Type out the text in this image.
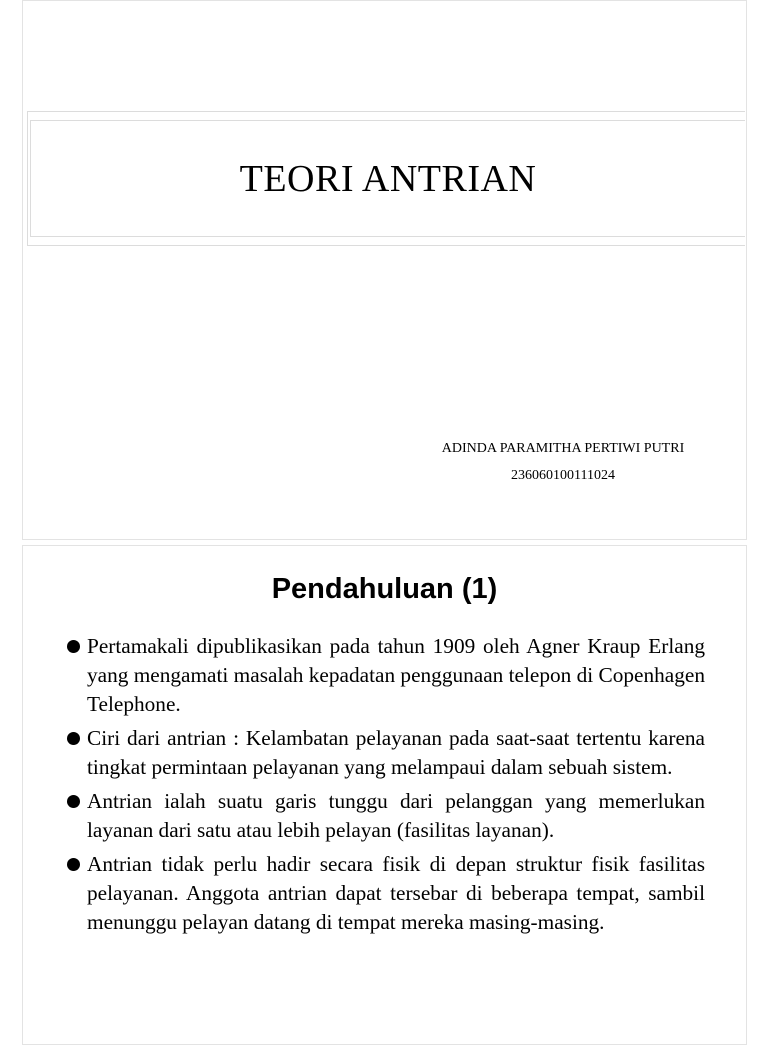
TEORI ANTRIAN
ADINDA PARAMITHA PERTIWI PUTRI
236060100111024
Pendahuluan (1)
Pertamakali dipublikasikan pada tahun 1909 oleh Agner Kraup Erlang yang mengamati masalah kepadatan penggunaan telepon di Copenhagen Telephone.
Ciri dari antrian : Kelambatan pelayanan pada saat-saat tertentu karena tingkat permintaan pelayanan yang melampaui dalam sebuah sistem.
Antrian ialah suatu garis tunggu dari pelanggan yang memerlukan layanan dari satu atau lebih pelayan (fasilitas layanan).
Antrian tidak perlu hadir secara fisik di depan struktur fisik fasilitas pelayanan. Anggota antrian dapat tersebar di beberapa tempat, sambil menunggu pelayan datang di tempat mereka masing-masing.
